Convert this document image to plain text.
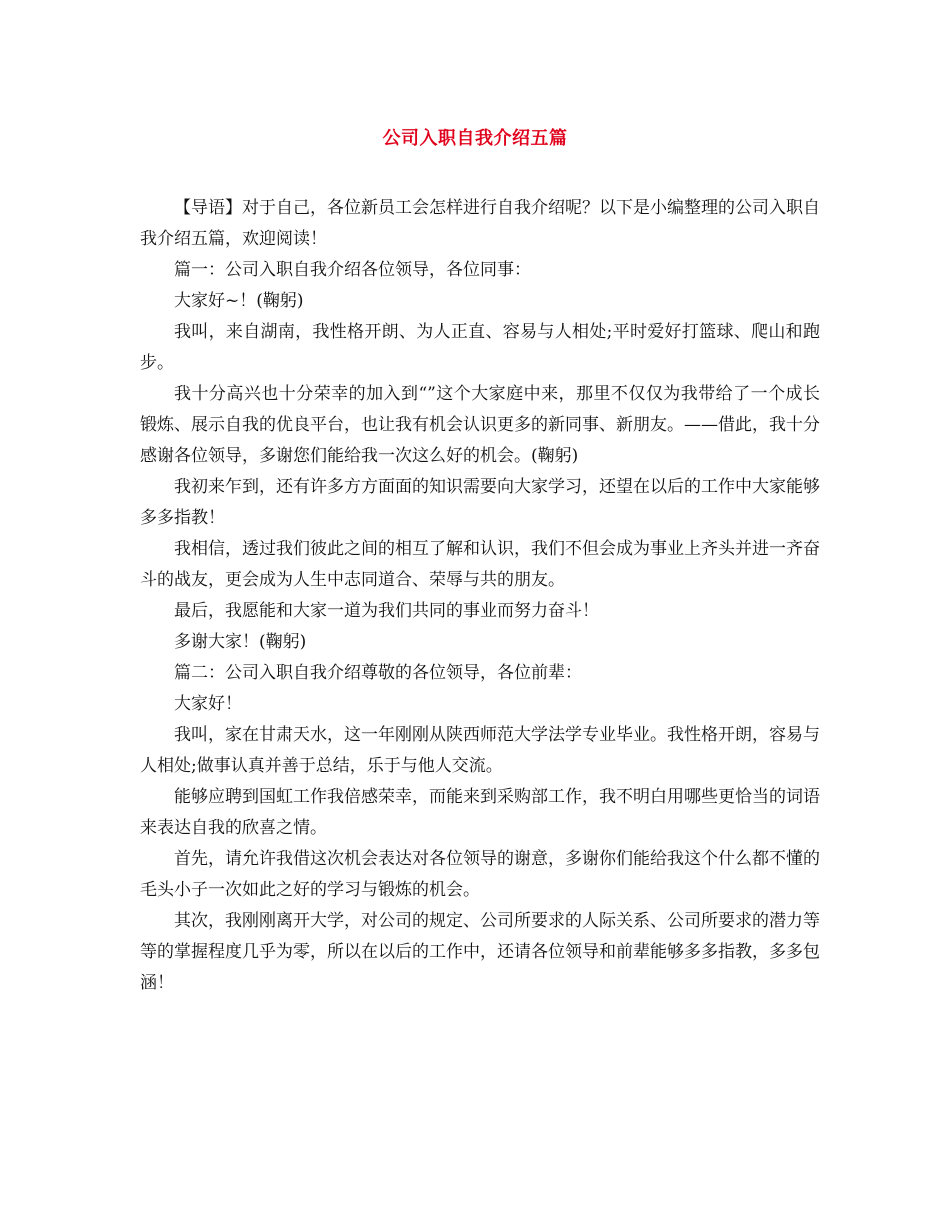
公司入职自我介绍五篇

【导语】对于自己，各位新员工会怎样进行自我介绍呢？以下是小编整理的公司入职自我介绍五篇，欢迎阅读！

篇一：公司入职自我介绍各位领导，各位同事：

大家好~！(鞠躬)

我叫，来自湖南，我性格开朗、为人正直、容易与人相处;平时爱好打篮球、爬山和跑步。

我十分高兴也十分荣幸的加入到“”这个大家庭中来，那里不仅仅为我带给了一个成长锻炼、展示自我的优良平台，也让我有机会认识更多的新同事、新朋友。——借此，我十分感谢各位领导，多谢您们能给我一次这么好的机会。(鞠躬)

我初来乍到，还有许多方方面面的知识需要向大家学习，还望在以后的工作中大家能够多多指教！

我相信，透过我们彼此之间的相互了解和认识，我们不但会成为事业上齐头并进一齐奋斗的战友，更会成为人生中志同道合、荣辱与共的朋友。

最后，我愿能和大家一道为我们共同的事业而努力奋斗！

多谢大家！(鞠躬)

篇二：公司入职自我介绍尊敬的各位领导，各位前辈：

大家好！

我叫，家在甘肃天水，这一年刚刚从陕西师范大学法学专业毕业。我性格开朗，容易与人相处;做事认真并善于总结，乐于与他人交流。

能够应聘到国虹工作我倍感荣幸，而能来到采购部工作，我不明白用哪些更恰当的词语来表达自我的欣喜之情。

首先，请允许我借这次机会表达对各位领导的谢意，多谢你们能给我这个什么都不懂的毛头小子一次如此之好的学习与锻炼的机会。

其次，我刚刚离开大学，对公司的规定、公司所要求的人际关系、公司所要求的潜力等等的掌握程度几乎为零，所以在以后的工作中，还请各位领导和前辈能够多多指教，多多包涵！
